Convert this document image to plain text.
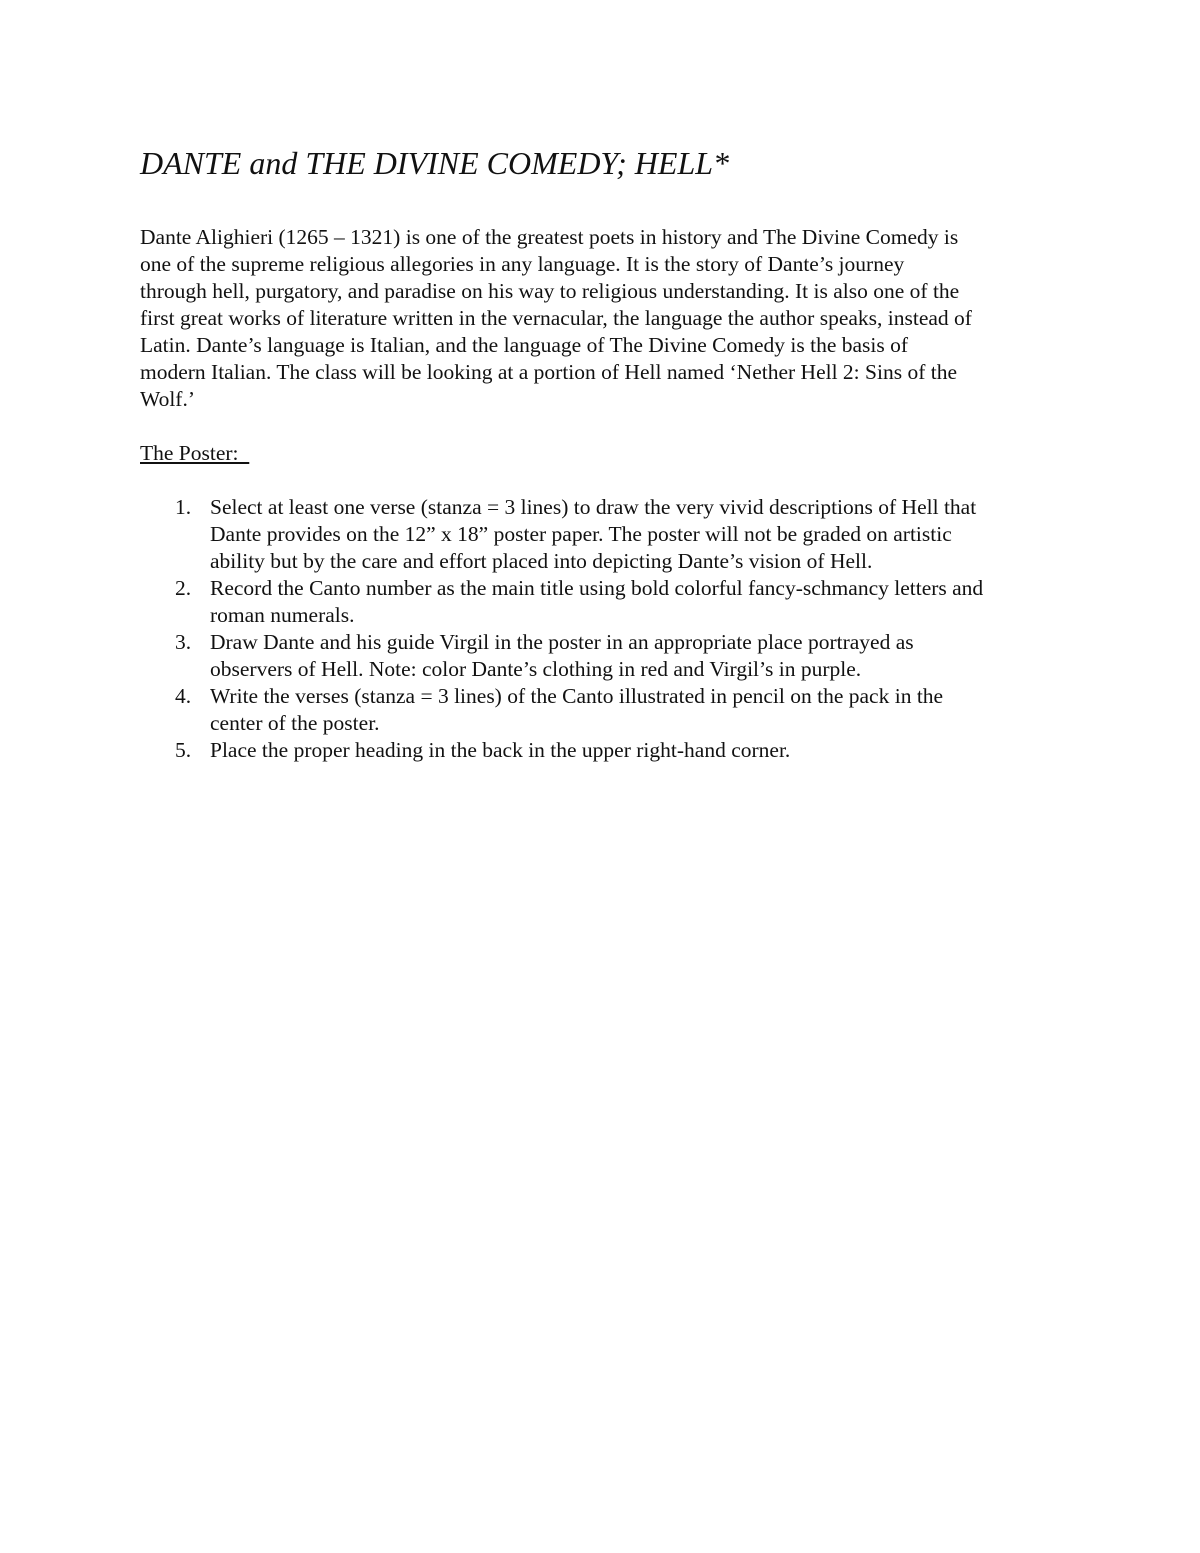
DANTE and THE DIVINE COMEDY; HELL*

Dante Alighieri (1265 – 1321) is one of the greatest poets in history and The Divine Comedy is
one of the supreme religious allegories in any language. It is the story of Dante’s journey
through hell, purgatory, and paradise on his way to religious understanding. It is also one of the
first great works of literature written in the vernacular, the language the author speaks, instead of
Latin. Dante’s language is Italian, and the language of The Divine Comedy is the basis of
modern Italian. The class will be looking at a portion of Hell named ‘Nether Hell 2: Sins of the
Wolf.’

The Poster:

1. Select at least one verse (stanza = 3 lines) to draw the very vivid descriptions of Hell that
Dante provides on the 12” x 18” poster paper. The poster will not be graded on artistic
ability but by the care and effort placed into depicting Dante’s vision of Hell.
2. Record the Canto number as the main title using bold colorful fancy-schmancy letters and
roman numerals.
3. Draw Dante and his guide Virgil in the poster in an appropriate place portrayed as
observers of Hell. Note: color Dante’s clothing in red and Virgil’s in purple.
4. Write the verses (stanza = 3 lines) of the Canto illustrated in pencil on the pack in the
center of the poster.
5. Place the proper heading in the back in the upper right-hand corner.
